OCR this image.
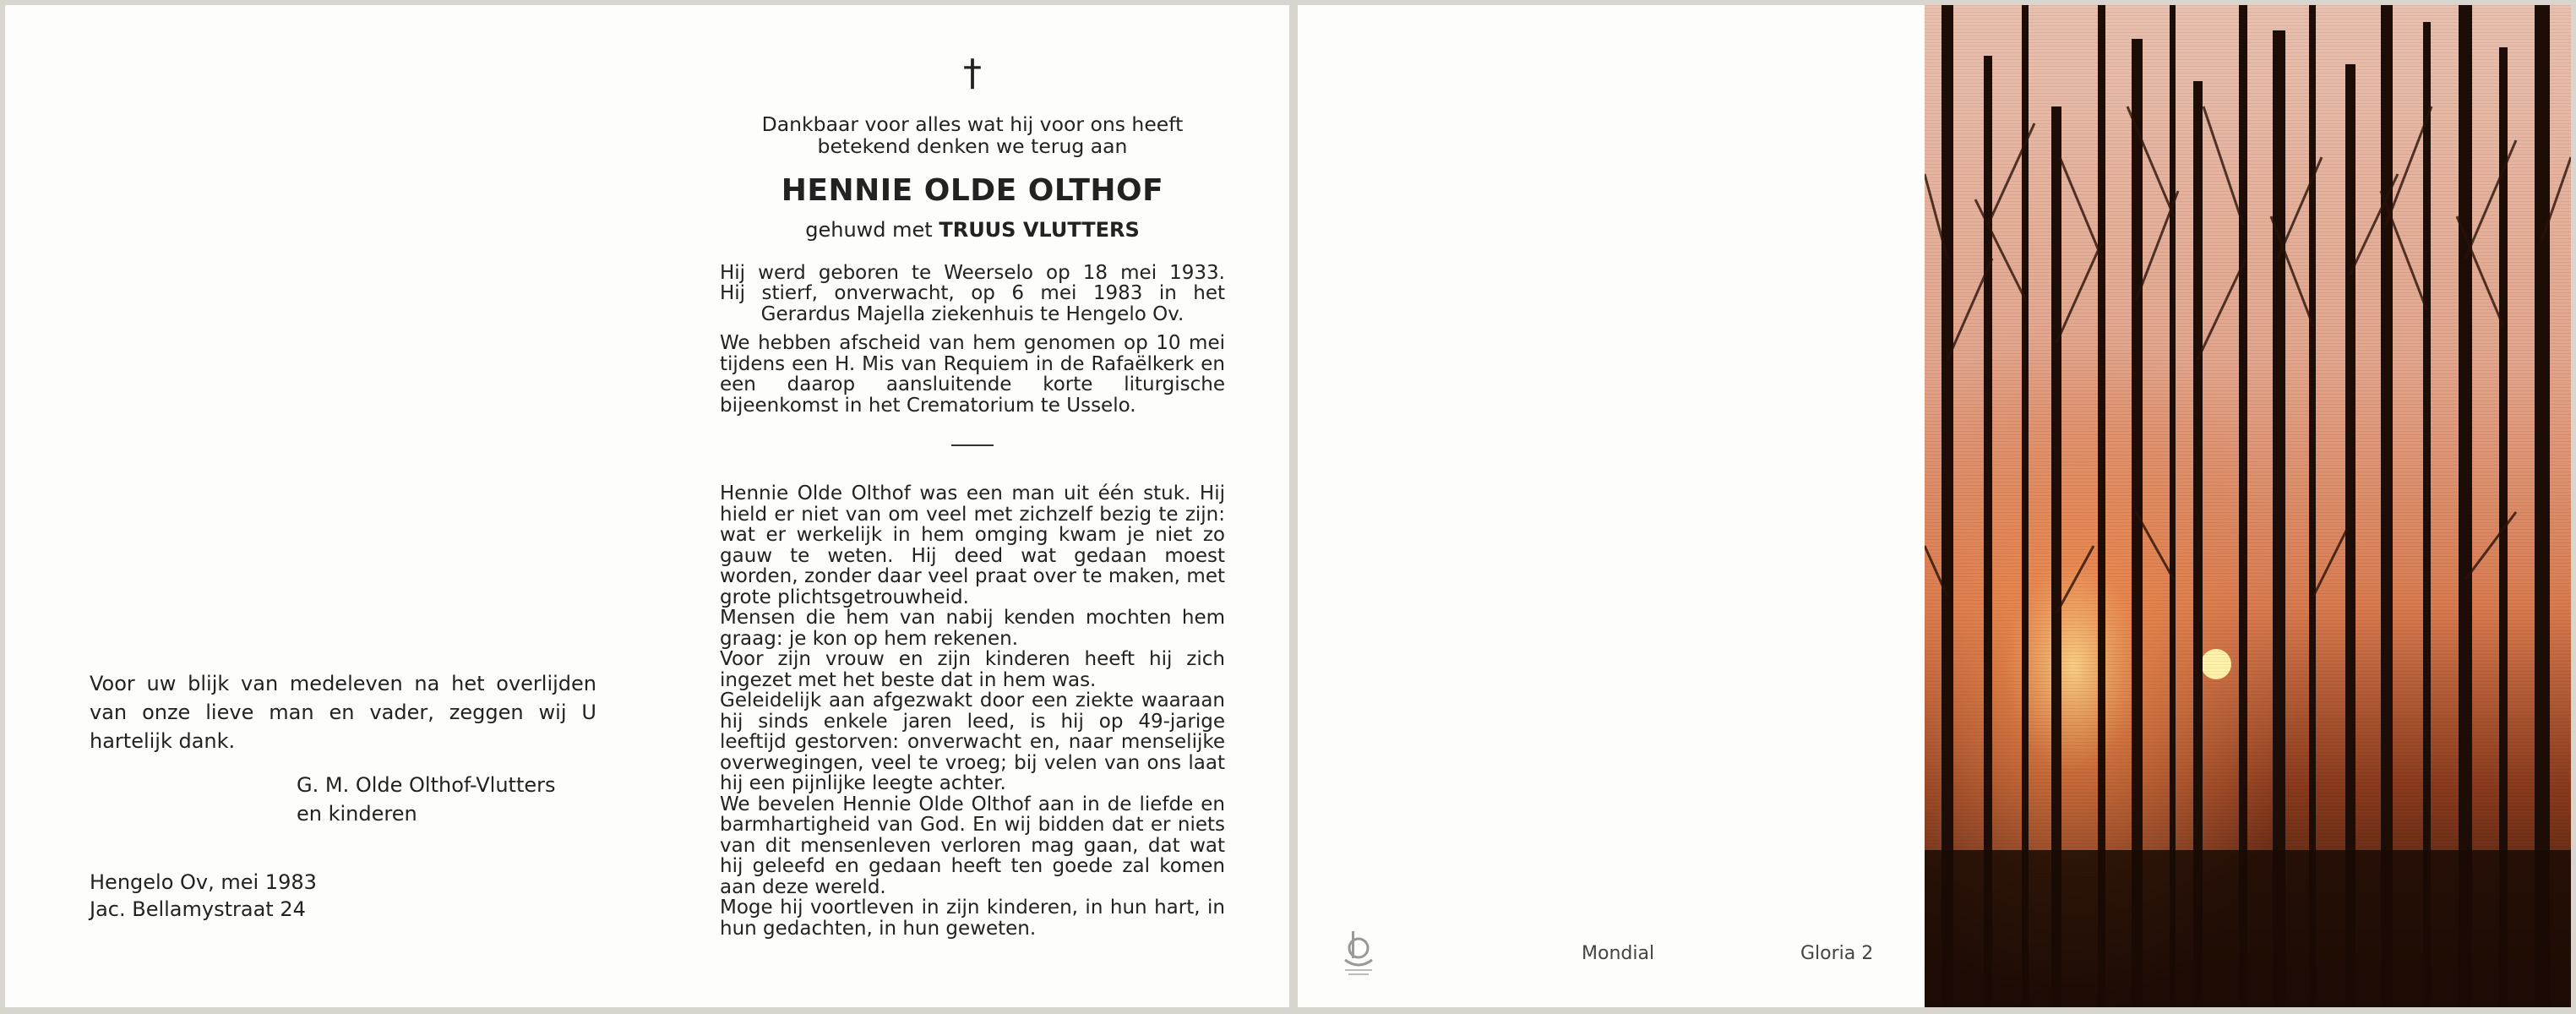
Voor uw blijk van medeleven na het overlijden van onze lieve man en vader, zeggen wij U hartelijk dank.

G. M. Olde Olthof-Vlutters
en kinderen
Hengelo Ov, mei 1983
Jac. Bellamystraat 24
†
Dankbaar voor alles wat hij voor ons heeft
betekend denken we terug aan
HENNIE OLDE OLTHOF
gehuwd met TRUUS VLUTTERS
Hij werd geboren te Weerselo op 18 mei 1933.
Hij stierf, onverwacht, op 6 mei 1983 in het
Gerardus Majella ziekenhuis te Hengelo Ov.

We hebben afscheid van hem genomen op 10 mei tijdens een H. Mis van Requiem in de Rafaëlkerk en een daarop aansluitende korte liturgische bijeenkomst in het Crematorium te Usselo.

Hennie Olde Olthof was een man uit één stuk. Hij hield er niet van om veel met zichzelf bezig te zijn: wat er werkelijk in hem omging kwam je niet zo gauw te weten. Hij deed wat gedaan moest worden, zonder daar veel praat over te maken, met grote plichtsgetrouwheid.

Mensen die hem van nabij kenden mochten hem graag: je kon op hem rekenen.

Voor zijn vrouw en zijn kinderen heeft hij zich ingezet met het beste dat in hem was.

Geleidelijk aan afgezwakt door een ziekte waaraan hij sinds enkele jaren leed, is hij op 49-jarige leeftijd gestorven: onverwacht en, naar menselijke overwegingen, veel te vroeg; bij velen van ons laat hij een pijnlijke leegte achter.

We bevelen Hennie Olde Olthof aan in de liefde en barmhartigheid van God. En wij bidden dat er niets van dit mensenleven verloren mag gaan, dat wat hij geleefd en gedaan heeft ten goede zal komen aan deze wereld.

Moge hij voortleven in zijn kinderen, in hun hart, in hun gedachten, in hun geweten.

Mondial	Gloria 2
